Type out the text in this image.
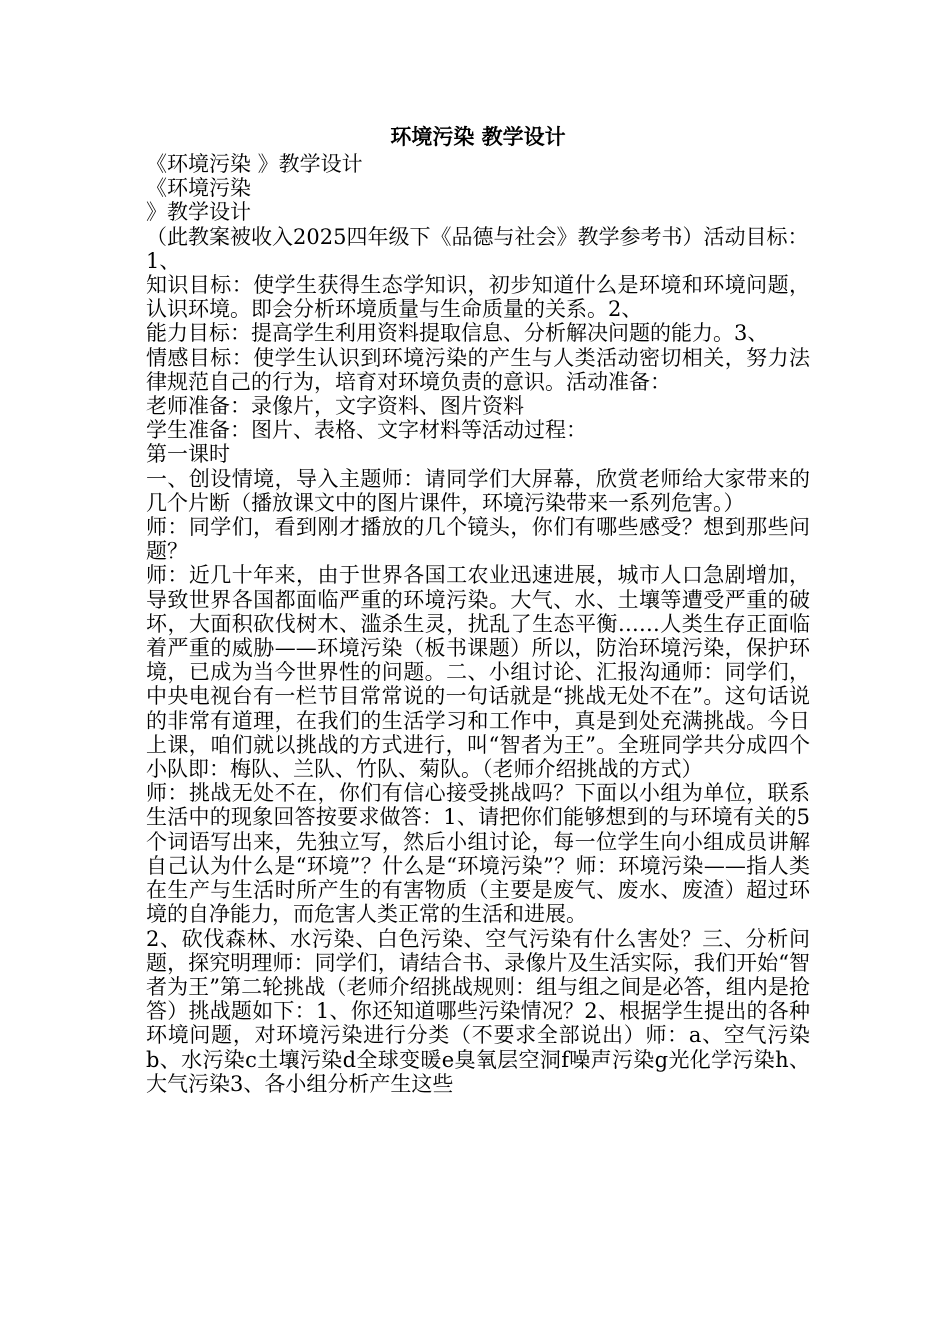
环境污染 教学设计

《环境污染 》教学设计

《环境污染

》教学设计

（此教案被收入2025四年级下《品德与社会》教学参考书）活动目标：

1、

知识目标：使学生获得生态学知识，初步知道什么是环境和环境问题，认识环境。即会分析环境质量与生命质量的关系。2、

能力目标：提高学生利用资料提取信息、分析解决问题的能力。3、

情感目标：使学生认识到环境污染的产生与人类活动密切相关，努力法律规范自己的行为，培育对环境负责的意识。活动准备：

老师准备：录像片，文字资料、图片资料

学生准备：图片、表格、文字材料等活动过程：

第一课时

一、创设情境，导入主题师：请同学们大屏幕，欣赏老师给大家带来的几个片断（播放课文中的图片课件，环境污染带来一系列危害。）

师：同学们，看到刚才播放的几个镜头，你们有哪些感受？想到那些问题？

师：近几十年来，由于世界各国工农业迅速进展，城市人口急剧增加，导致世界各国都面临严重的环境污染。大气、水、土壤等遭受严重的破坏，大面积砍伐树木、滥杀生灵，扰乱了生态平衡……人类生存正面临着严重的威胁——环境污染（板书课题）所以，防治环境污染，保护环境，已成为当今世界性的问题。二、小组讨论、汇报沟通师：同学们，中央电视台有一栏节目常常说的一句话就是“挑战无处不在”。这句话说的非常有道理，在我们的生活学习和工作中，真是到处充满挑战。今日上课，咱们就以挑战的方式进行，叫“智者为王”。全班同学共分成四个小队即：梅队、兰队、竹队、菊队。（老师介绍挑战的方式）

师：挑战无处不在，你们有信心接受挑战吗？下面以小组为单位，联系生活中的现象回答按要求做答：1、请把你们能够想到的与环境有关的5个词语写出来，先独立写，然后小组讨论，每一位学生向小组成员讲解自己认为什么是“环境”？什么是“环境污染”？师：环境污染——指人类在生产与生活时所产生的有害物质（主要是废气、废水、废渣）超过环境的自净能力，而危害人类正常的生活和进展。

2、砍伐森林、水污染、白色污染、空气污染有什么害处？三、分析问题，探究明理师：同学们，请结合书、录像片及生活实际，我们开始“智者为王”第二轮挑战（老师介绍挑战规则：组与组之间是必答，组内是抢答）挑战题如下：1、你还知道哪些污染情况？2、根据学生提出的各种环境问题，对环境污染进行分类（不要求全部说出）师：a、空气污染b、水污染c土壤污染d全球变暖e臭氧层空洞f噪声污染g光化学污染h、大气污染3、各小组分析产生这些
